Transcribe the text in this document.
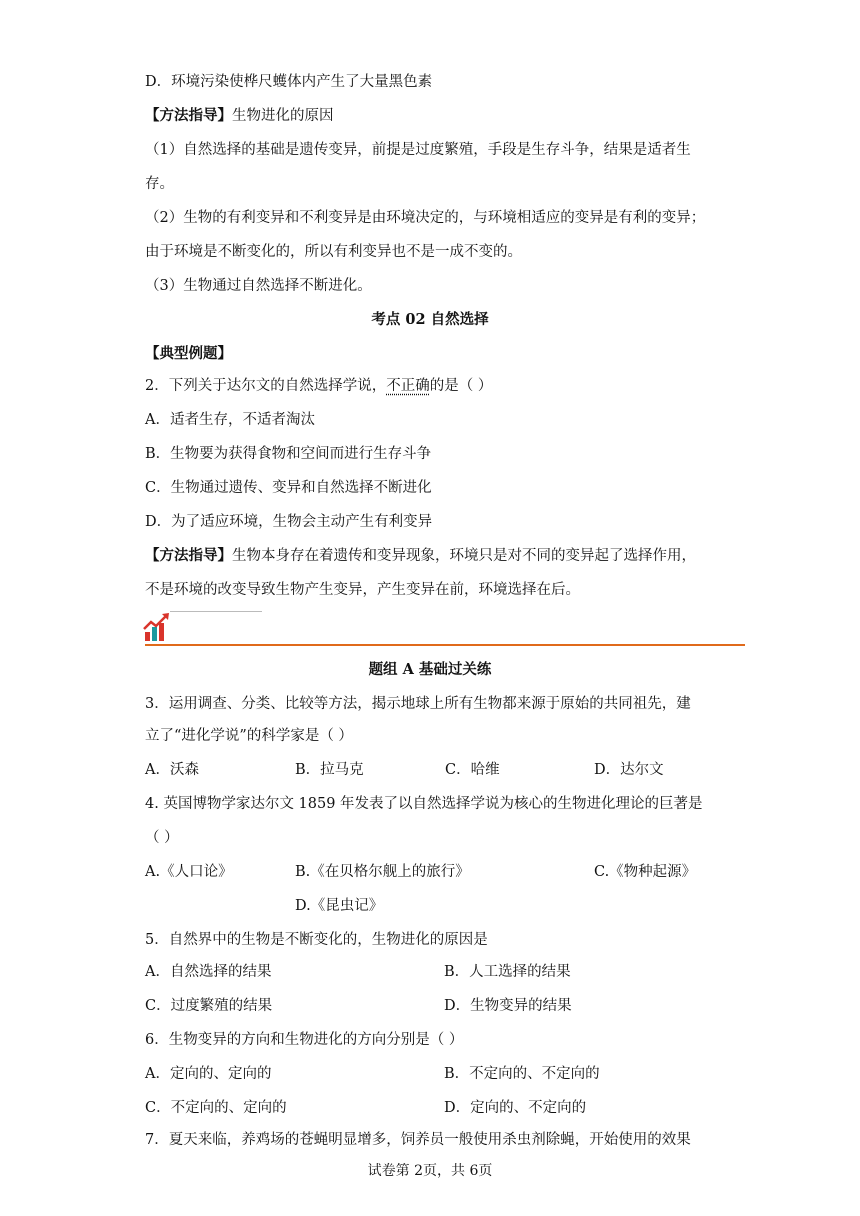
D．环境污染使桦尺蠖体内产生了大量黑色素
【方法指导】生物进化的原因
（1）自然选择的基础是遗传变异，前提是过度繁殖，手段是生存斗争，结果是适者生
存。
（2）生物的有利变异和不利变异是由环境决定的，与环境相适应的变异是有利的变异；
由于环境是不断变化的，所以有利变异也不是一成不变的。
（3）生物通过自然选择不断进化。
考点 02 自然选择
【典型例题】
2．下列关于达尔文的自然选择学说，不正确的是（ ）
A．适者生存，不适者淘汰
B．生物要为获得食物和空间而进行生存斗争
C．生物通过遗传、变异和自然选择不断进化
D．为了适应环境，生物会主动产生有利变异
【方法指导】生物本身存在着遗传和变异现象，环境只是对不同的变异起了选择作用，
不是环境的改变导致生物产生变异，产生变异在前，环境选择在后。
题组 A 基础过关练
3．运用调查、分类、比较等方法，揭示地球上所有生物都来源于原始的共同祖先，建
立了“进化学说”的科学家是（ ）
A．沃森	B．拉马克	C．哈维	D．达尔文
4. 英国博物学家达尔文 1859 年发表了以自然选择学说为核心的生物进化理论的巨著是
（ ）
A.《人口论》	B.《在贝格尔舰上的旅行》	C.《物种起源》
D.《昆虫记》
5．自然界中的生物是不断变化的，生物进化的原因是
A．自然选择的结果	B．人工选择的结果
C．过度繁殖的结果	D．生物变异的结果
6．生物变异的方向和生物进化的方向分别是（ ）
A．定向的、定向的	B．不定向的、不定向的
C．不定向的、定向的	D．定向的、不定向的
7．夏天来临，养鸡场的苍蝇明显增多，饲养员一般使用杀虫剂除蝇，开始使用的效果
试卷第 2页，共 6页
